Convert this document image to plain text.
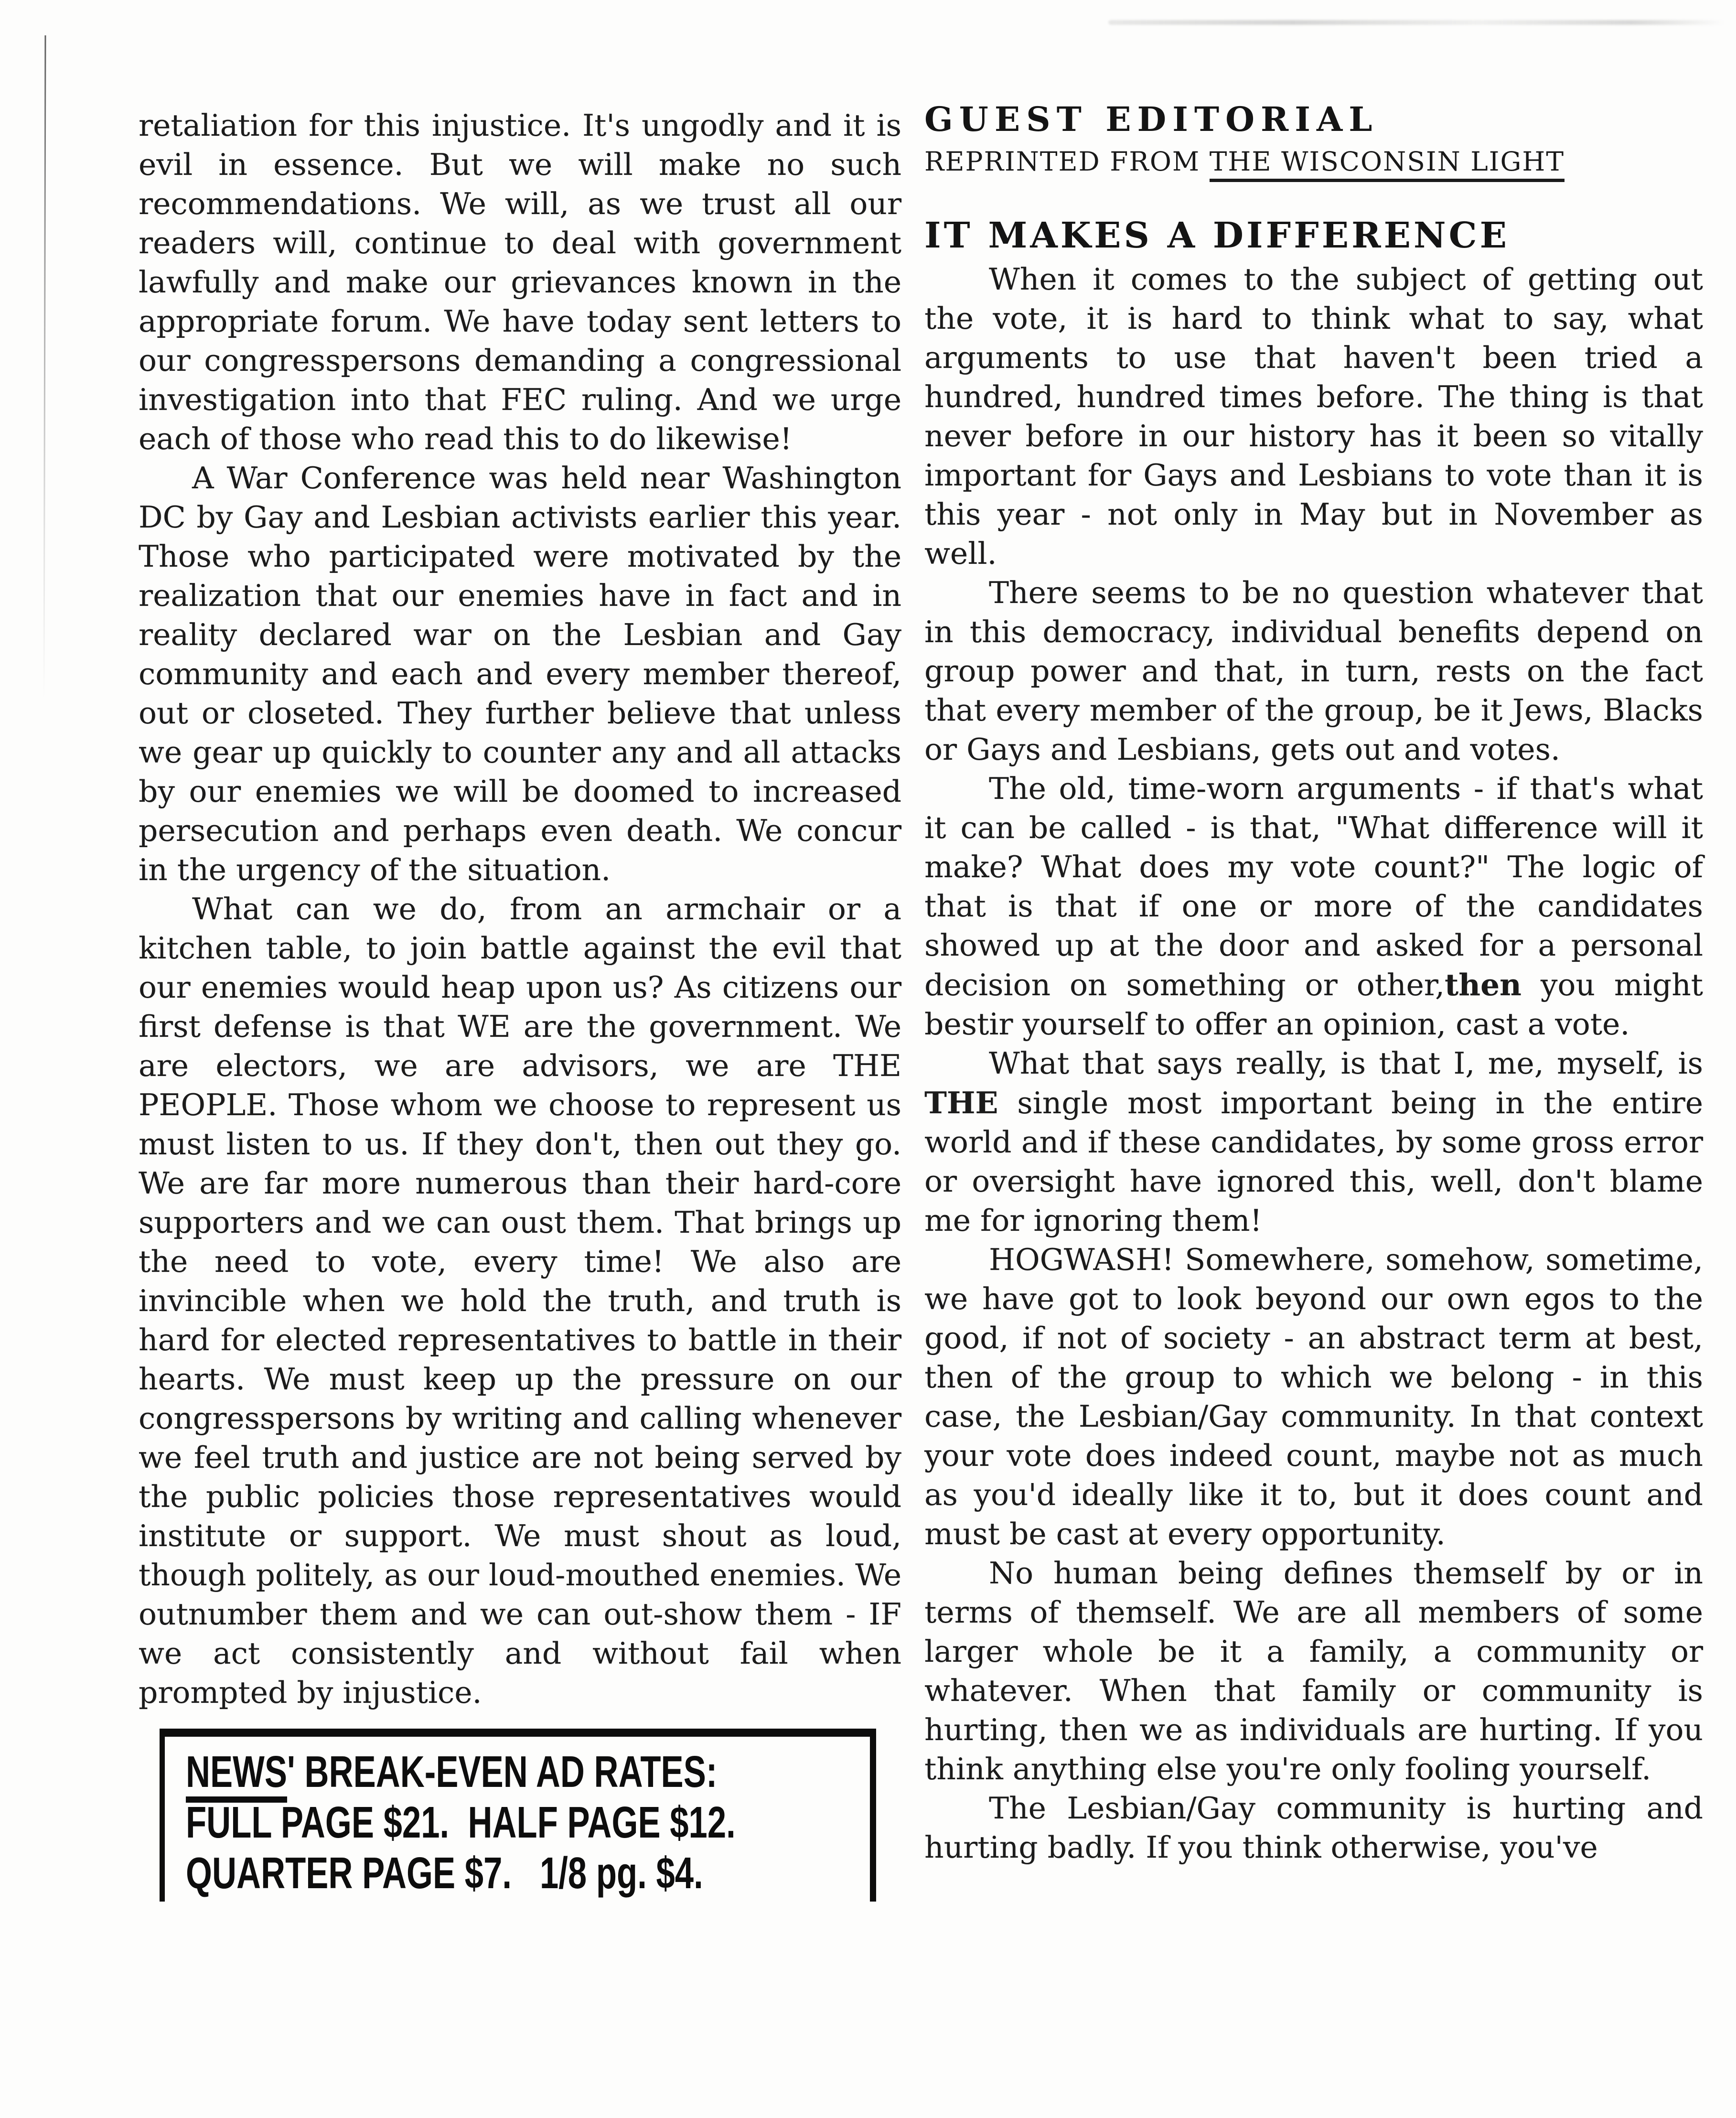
retaliation for this injustice. It's ungodly and it is evil in essence. But we will make no such recommendations. We will, as we trust all our readers will, continue to deal with government lawfully and make our grievances known in the appropriate forum. We have today sent letters to our congresspersons demanding a congressional investigation into that FEC ruling. And we urge each of those who read this to do likewise!

A War Conference was held near Washington DC by Gay and Lesbian activists earlier this year. Those who participated were motivated by the realization that our enemies have in fact and in reality declared war on the Lesbian and Gay community and each and every member thereof, out or closeted. They further believe that unless we gear up quickly to counter any and all attacks by our enemies we will be doomed to increased persecution and perhaps even death. We concur in the urgency of the situation.

What can we do, from an armchair or a kitchen table, to join battle against the evil that our enemies would heap upon us? As citizens our first defense is that WE are the government. We are electors, we are advisors, we are THE PEOPLE. Those whom we choose to represent us must listen to us. If they don't, then out they go. We are far more numerous than their hard-core supporters and we can oust them. That brings up the need to vote, every time! We also are invincible when we hold the truth, and truth is hard for elected representatives to battle in their hearts. We must keep up the pressure on our congresspersons by writing and calling whenever we feel truth and justice are not being served by the public policies those representatives would institute or support. We must shout as loud, though politely, as our loud-mouthed enemies. We outnumber them and we can out-show them - IF we act consistently and without fail when prompted by injustice.

NEWS' BREAK-EVEN AD RATES:
FULL PAGE $21.  HALF PAGE $12.
QUARTER PAGE $7.   1/8 pg. $4.
GUEST EDITORIAL
REPRINTED FROM THE WISCONSIN LIGHT
IT MAKES A DIFFERENCE

When it comes to the subject of getting out the vote, it is hard to think what to say, what arguments to use that haven't been tried a hundred, hundred times before. The thing is that never before in our history has it been so vitally important for Gays and Lesbians to vote than it is this year - not only in May but in November as well.

There seems to be no question whatever that in this democracy, individual benefits depend on group power and that, in turn, rests on the fact that every member of the group, be it Jews, Blacks or Gays and Lesbians, gets out and votes.

The old, time-worn arguments - if that's what it can be called - is that, "What difference will it make? What does my vote count?" The logic of that is that if one or more of the candidates showed up at the door and asked for a personal decision on something or other,then you might bestir yourself to offer an opinion, cast a vote.

What that says really, is that I, me, myself, is THE single most important being in the entire world and if these candidates, by some gross error or oversight have ignored this, well, don't blame me for ignoring them!

HOGWASH! Somewhere, somehow, sometime, we have got to look beyond our own egos to the good, if not of society - an abstract term at best, then of the group to which we belong - in this case, the Lesbian/Gay community. In that context your vote does indeed count, maybe not as much as you'd ideally like it to, but it does count and must be cast at every opportunity.

No human being defines themself by or in terms of themself. We are all members of some larger whole be it a family, a community or whatever. When that family or community is hurting, then we as individuals are hurting. If you think anything else you're only fooling yourself.

The Lesbian/Gay community is hurting and hurting badly. If you think otherwise, you've
